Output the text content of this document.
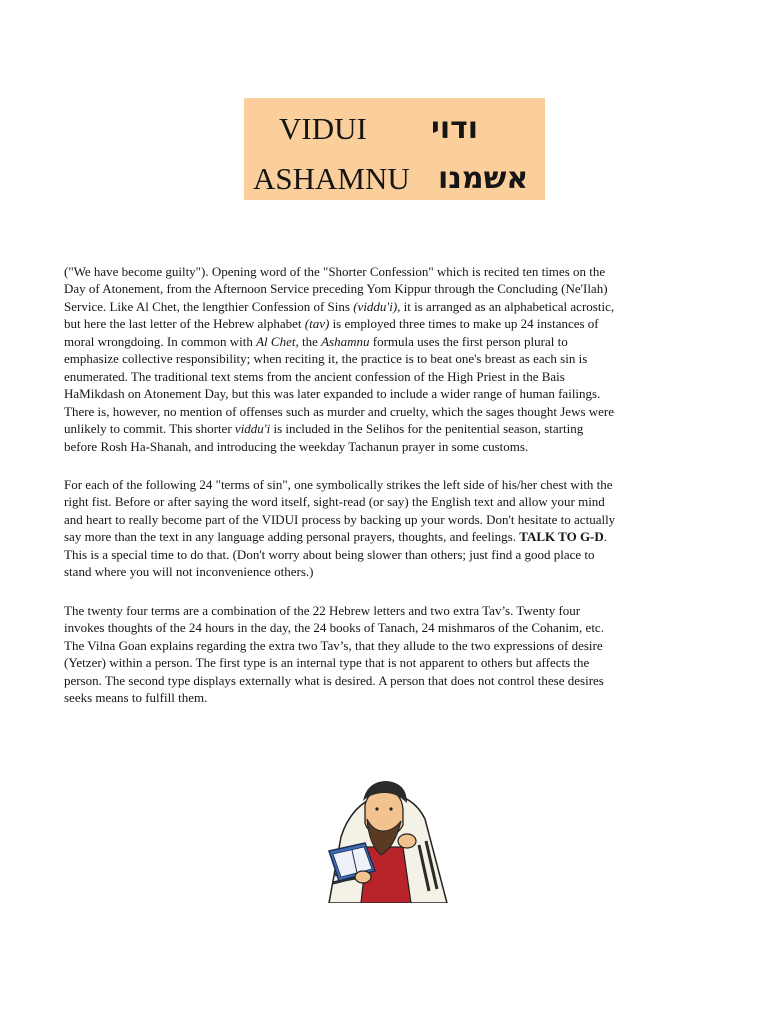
VIDUI ודוי
ASHAMNU אשמנו
("We have become guilty"). Opening word of the "Shorter Confession" which is recited ten times on the
Day of Atonement, from the Afternoon Service preceding Yom Kippur through the Concluding (Ne'Ilah)
Service. Like Al Chet, the lengthier Confession of Sins (viddu'i), it is arranged as an alphabetical acrostic,
but here the last letter of the Hebrew alphabet (tav) is employed three times to make up 24 instances of
moral wrongdoing. In common with Al Chet, the Ashamnu formula uses the first person plural to
emphasize collective responsibility; when reciting it, the practice is to beat one's breast as each sin is
enumerated. The traditional text stems from the ancient confession of the High Priest in the Bais
HaMikdash on Atonement Day, but this was later expanded to include a wider range of human failings.
There is, however, no mention of offenses such as murder and cruelty, which the sages thought Jews were
unlikely to commit. This shorter viddu'i is included in the Selihos for the penitential season, starting
before Rosh Ha-Shanah, and introducing the weekday Tachanun prayer in some customs.
For each of the following 24 "terms of sin", one symbolically strikes the left side of his/her chest with the
right fist. Before or after saying the word itself, sight-read (or say) the English text and allow your mind
and heart to really become part of the VIDUI process by backing up your words. Don't hesitate to actually
say more than the text in any language adding personal prayers, thoughts, and feelings. TALK TO G-D.
This is a special time to do that. (Don't worry about being slower than others; just find a good place to
stand where you will not inconvenience others.)
The twenty four terms are a combination of the 22 Hebrew letters and two extra Tav’s. Twenty four
invokes thoughts of the 24 hours in the day, the 24 books of Tanach, 24 mishmaros of the Cohanim, etc.
The Vilna Goan explains regarding the extra two Tav’s, that they allude to the two expressions of desire
(Yetzer) within a person. The first type is an internal type that is not apparent to others but affects the
person. The second type displays externally what is desired. A person that does not control these desires
seeks means to fulfill them.
